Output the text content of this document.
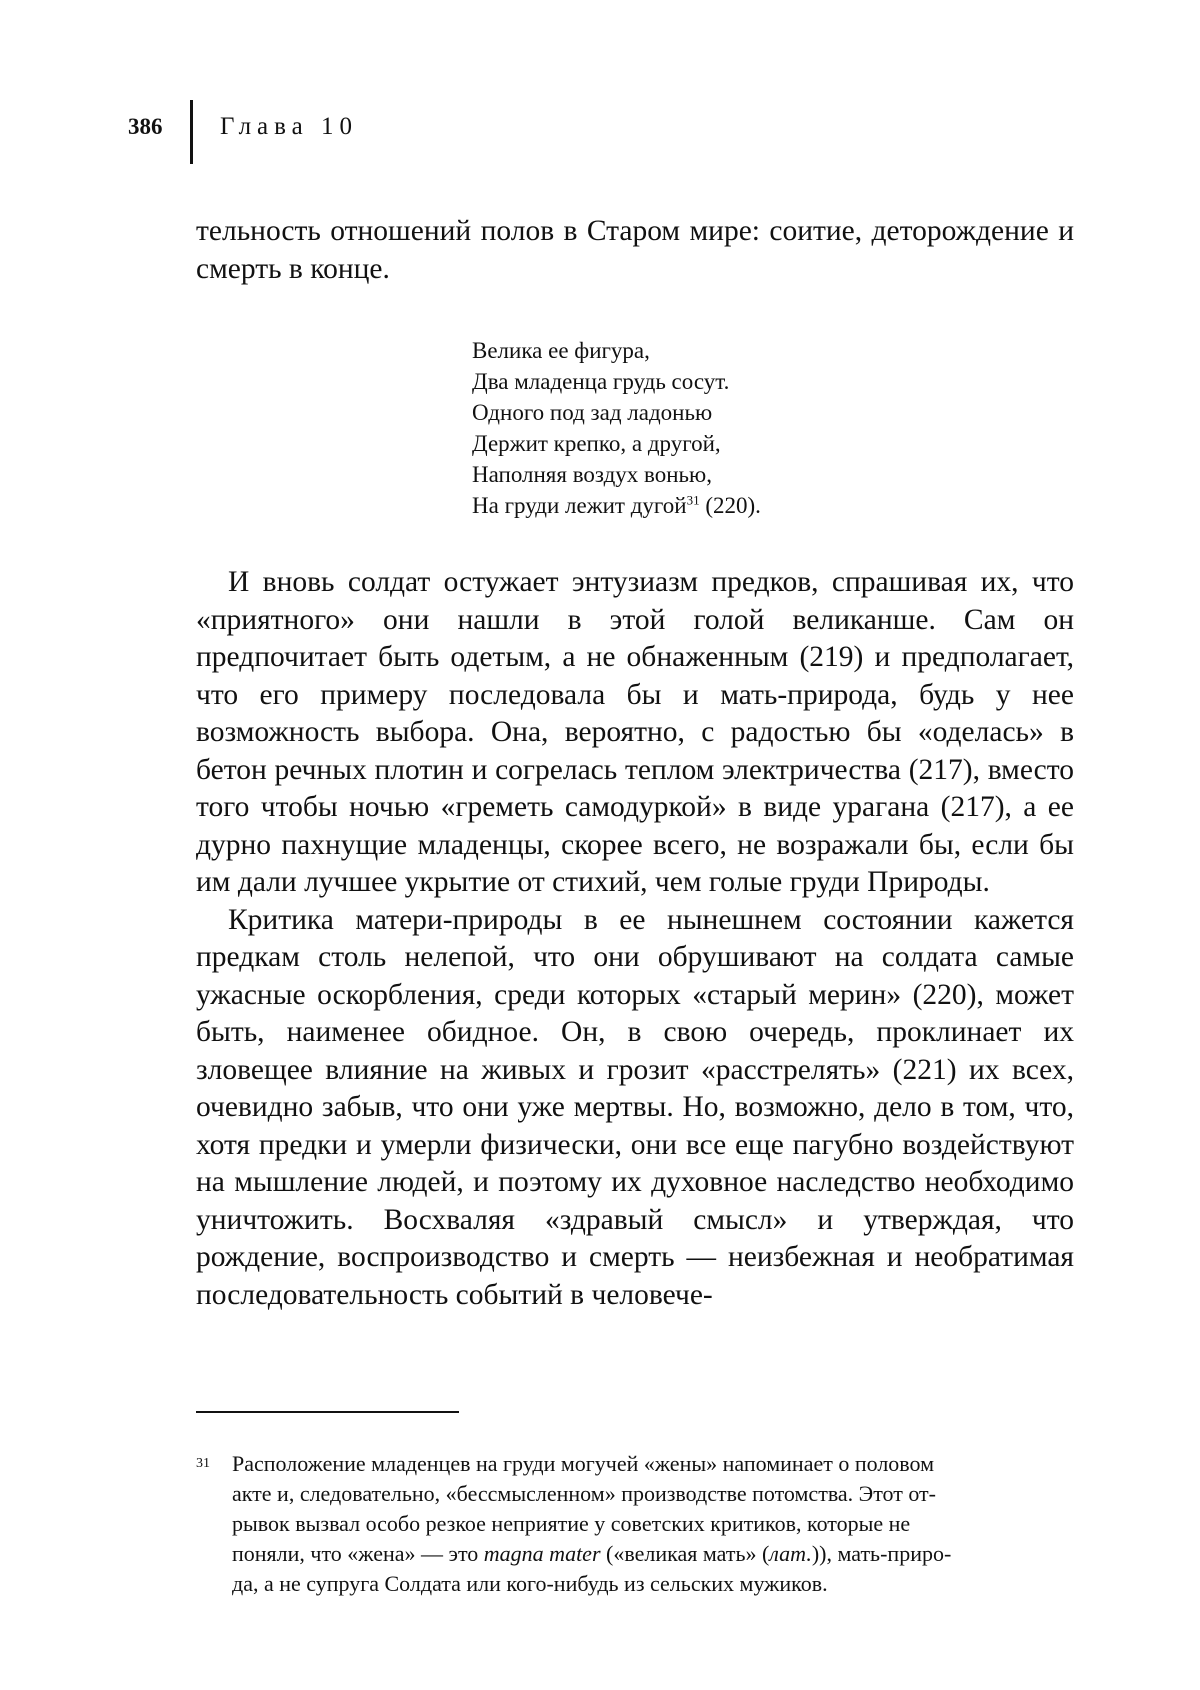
386 Глава 10

тельность отношений полов в Старом мире: соитие, деторождение и смерть в конце.

Велика ее фигура,
Два младенца грудь сосут.
Одного под зад ладонью
Держит крепко, а другой,
Наполняя воздух вонью,
На груди лежит дугой$^{31}$ (220).

И вновь солдат остужает энтузиазм предков, спрашивая их, что «приятного» они нашли в этой голой великанше. Сам он предпочитает быть одетым, а не обнаженным (219) и предполагает, что его примеру последовала бы и мать-природа, будь у нее возможность выбора. Она, вероятно, с радостью бы «оделась» в бетон речных плотин и согрелась теплом электричества (217), вместо того чтобы ночью «греметь самодуркой» в виде урагана (217), а ее дурно пахнущие младенцы, скорее всего, не возражали бы, если бы им дали лучшее укрытие от стихий, чем голые груди Природы.

Критика матери-природы в ее нынешнем состоянии кажется предкам столь нелепой, что они обрушивают на солдата самые ужасные оскорбления, среди которых «старый мерин» (220), может быть, наименее обидное. Он, в свою очередь, проклинает их зловещее влияние на живых и грозит «расстрелять» (221) их всех, очевидно забыв, что они уже мертвы. Но, возможно, дело в том, что, хотя предки и умерли физически, они все еще пагубно воздействуют на мышление людей, и поэтому их духовное наследство необходимо уничтожить. Восхваляя «здравый смысл» и утверждая, что рождение, воспроизводство и смерть — неизбежная и необратимая последовательность событий в человече-

31 Расположение младенцев на груди могучей «жены» напоминает о половом
акте и, следовательно, «бессмысленном» производстве потомства. Этот от-
рывок вызвал особо резкое неприятие у советских критиков, которые не
поняли, что «жена» — это magna mater («великая мать» (лат.)), мать-приро-
да, а не супруга Солдата или кого-нибудь из сельских мужиков.
